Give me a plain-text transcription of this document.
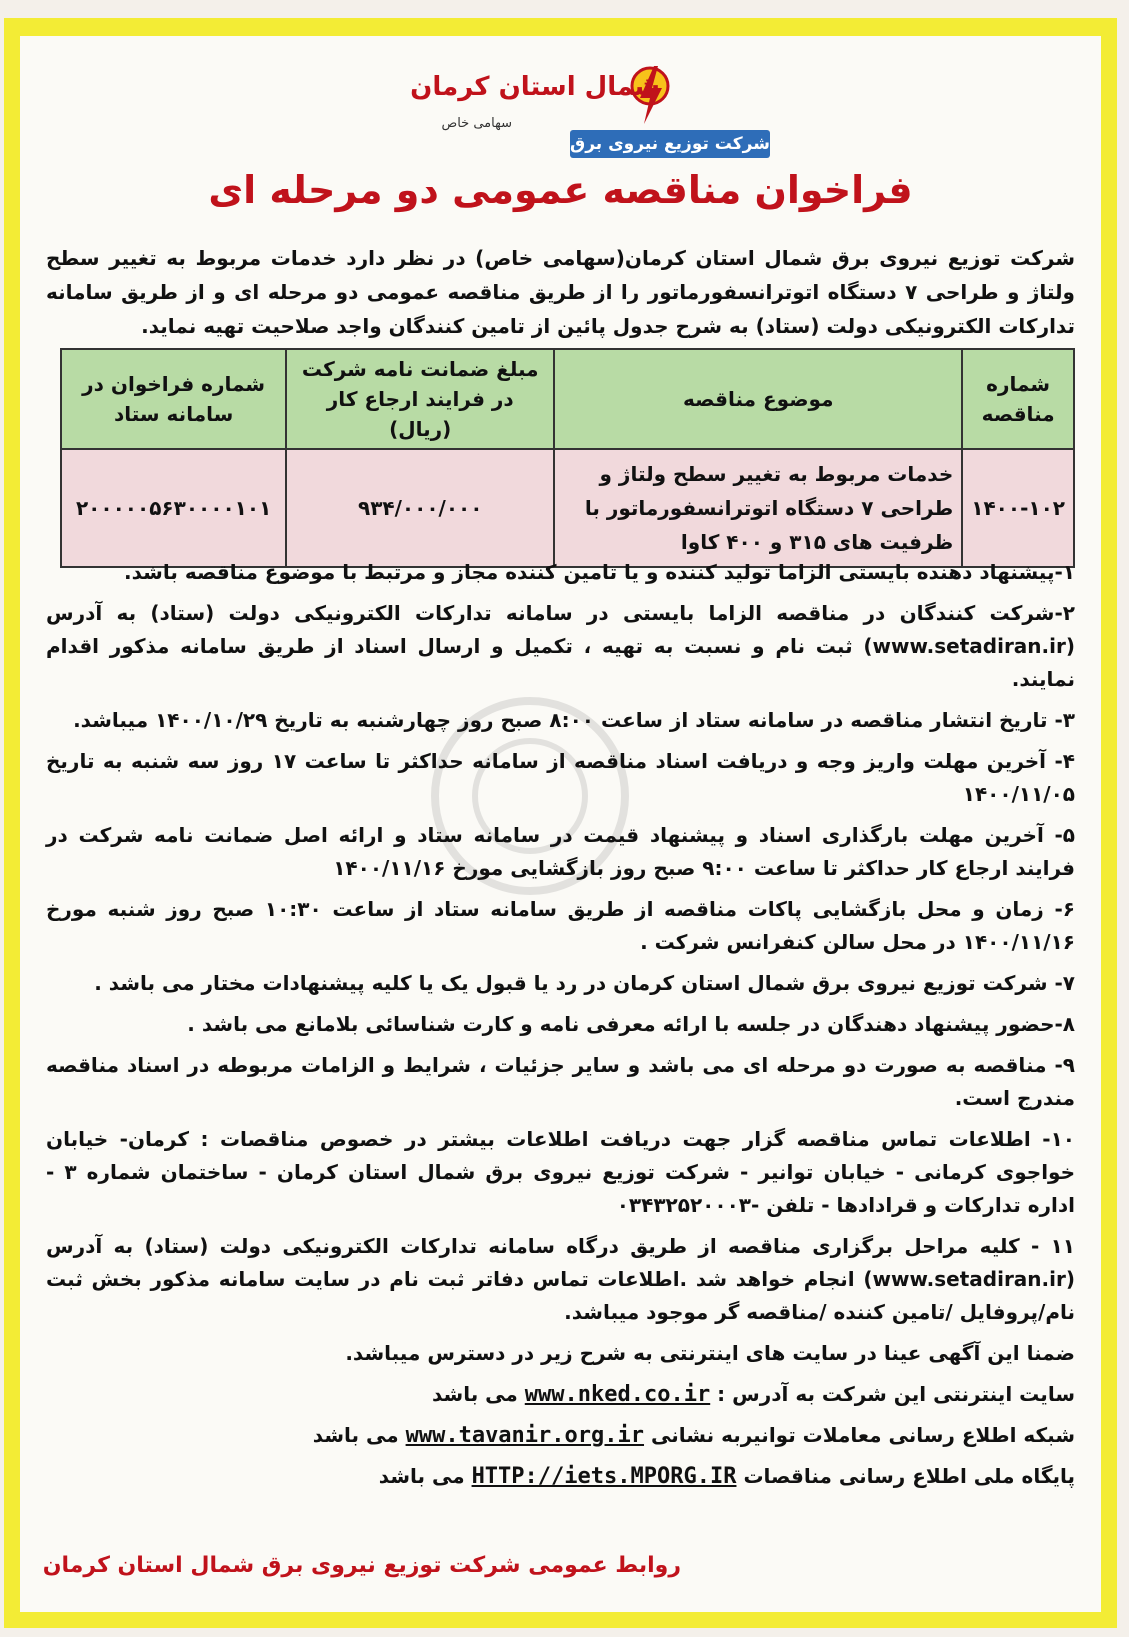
شمال استان کرمان
سهامی خاص
شرکت توزیع نیروی برق
فراخوان مناقصه عمومی دو مرحله ای
شرکت توزیع نیروی برق شمال استان کرمان(سهامی خاص) در نظر دارد خدمات مربوط به تغییر سطح ولتاژ و طراحی ۷ دستگاه اتوترانسفورماتور را از طریق مناقصه عمومی دو مرحله ای و از طریق سامانه تدارکات الکترونیکی دولت (ستاد) به شرح جدول پائین از تامین کنندگان واجد صلاحیت تهیه نماید.
شماره مناقصه	موضوع مناقصه	مبلغ ضمانت نامه شرکت در فرایند ارجاع کار (ریال)	شماره فراخوان در سامانه ستاد
۱۴۰۰-۱۰۲	خدمات مربوط به تغییر سطح ولتاژ و طراحی ۷ دستگاه اتوترانسفورماتور با ظرفیت های ۳۱۵ و ۴۰۰ کاوا	۹۳۴/۰۰۰/۰۰۰	۲۰۰۰۰۰۵۶۳۰۰۰۰۱۰۱

۱-پیشنهاد دهنده بایستی الزاما تولید کننده و یا تامین کننده مجاز و مرتبط با موضوع مناقصه باشد.

۲-شرکت کنندگان در مناقصه الزاما بایستی در سامانه تدارکات الکترونیکی دولت (ستاد) به آدرس (www.setadiran.ir) ثبت نام و نسبت به تهیه ، تکمیل و ارسال اسناد از طریق سامانه مذکور اقدام نمایند.

۳- تاریخ انتشار مناقصه در سامانه ستاد از ساعت ۸:۰۰ صبح روز چهارشنبه به تاریخ ۱۴۰۰/۱۰/۲۹ میباشد.

۴- آخرین مهلت واریز وجه و دریافت اسناد مناقصه از سامانه حداکثر تا ساعت ۱۷ روز سه شنبه به تاریخ ۱۴۰۰/۱۱/۰۵

۵- آخرین مهلت بارگذاری اسناد و پیشنهاد قیمت در سامانه ستاد و ارائه اصل ضمانت نامه شرکت در فرایند ارجاع کار حداکثر تا ساعت ۹:۰۰ صبح روز بازگشایی مورخ ۱۴۰۰/۱۱/۱۶

۶- زمان و محل بازگشایی پاکات مناقصه از طریق سامانه ستاد از ساعت ۱۰:۳۰ صبح روز شنبه مورخ ۱۴۰۰/۱۱/۱۶ در محل سالن کنفرانس شرکت .

۷- شرکت توزیع نیروی برق شمال استان کرمان در رد یا قبول یک یا کلیه پیشنهادات مختار می باشد .

۸-حضور پیشنهاد دهندگان در جلسه با ارائه معرفی نامه و کارت شناسائی بلامانع می باشد .

۹- مناقصه به صورت دو مرحله ای می باشد و سایر جزئیات ، شرایط و الزامات مربوطه در اسناد مناقصه مندرج است.

۱۰- اطلاعات تماس مناقصه گزار جهت دریافت اطلاعات بیشتر در خصوص مناقصات : کرمان- خیابان خواجوی کرمانی - خیابان توانیر - شرکت توزیع نیروی برق شمال استان کرمان - ساختمان شماره ۳ - اداره تدارکات و قرادادها - تلفن -۰۳۴۳۲۵۲۰۰۰۳

۱۱ - کلیه مراحل برگزاری مناقصه از طریق درگاه سامانه تدارکات الکترونیکی دولت (ستاد) به آدرس (www.setadiran.ir) انجام خواهد شد .اطلاعات تماس دفاتر ثبت نام در سایت سامانه مذکور بخش ثبت نام/پروفایل /تامین کننده /مناقصه گر موجود میباشد.

ضمنا این آگهی عینا در سایت های اینترنتی به شرح زیر در دسترس میباشد.

سایت اینترنتی این شرکت به آدرس : www.nked.co.ir می باشد

شبکه اطلاع رسانی معاملات توانیربه نشانی www.tavanir.org.ir می باشد

پایگاه ملی اطلاع رسانی مناقصات HTTP://iets.MPORG.IR می باشد

روابط عمومی شرکت توزیع نیروی برق شمال استان کرمان
